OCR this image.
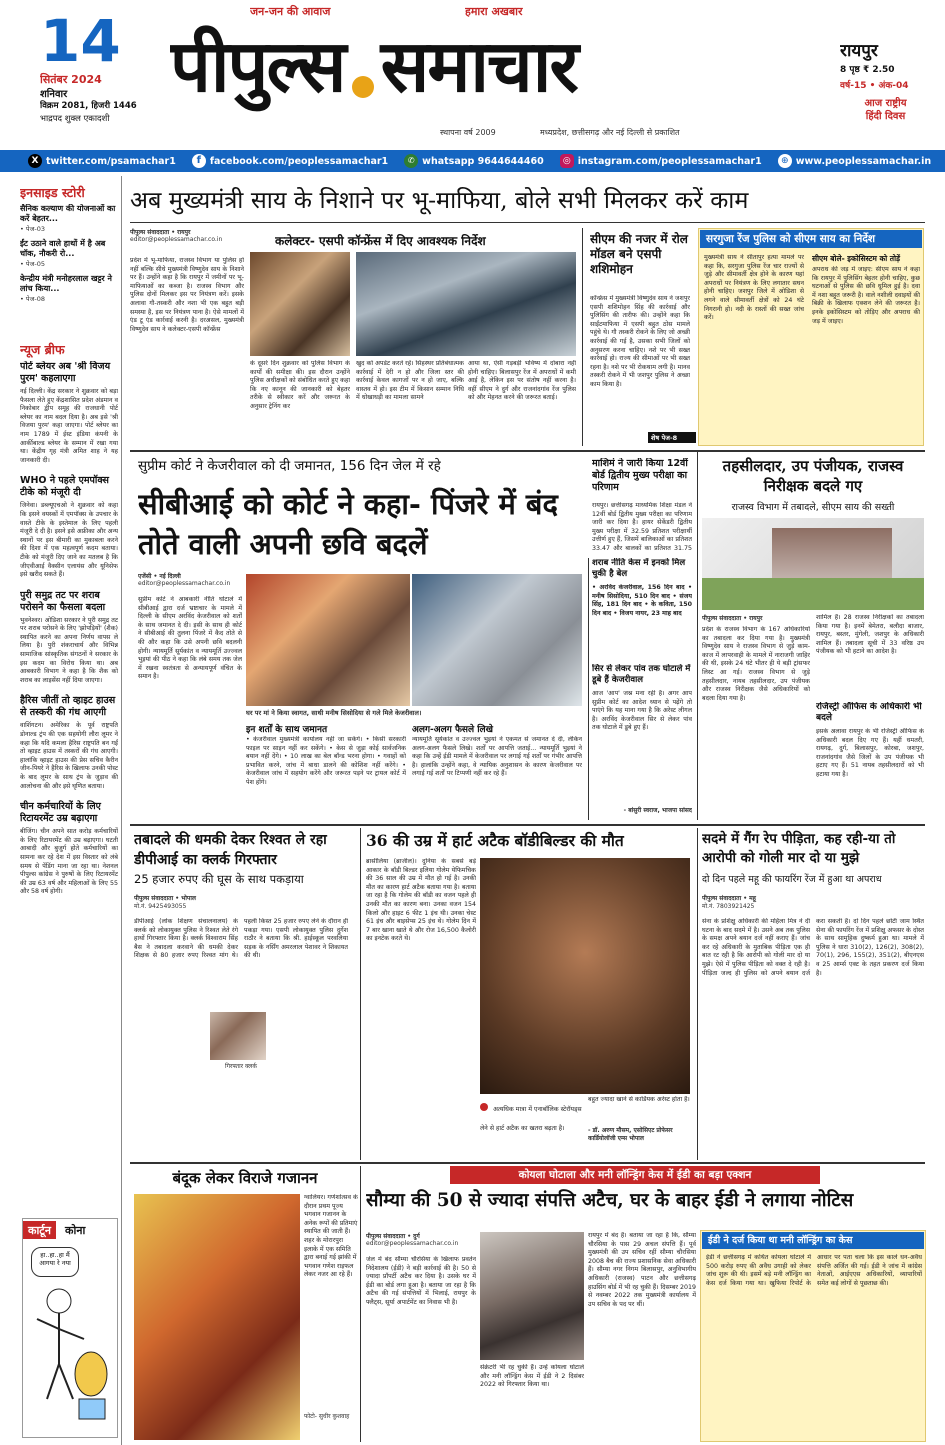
14
सितंबर 2024
शनिवार
विक्रम 2081, हिजरी 1446
भाद्रपद शुक्ल एकादशी
जन-जन की आवाज	हमारा अखबार
पीपुल्स समाचार
स्थापना वर्ष 2009	मध्यप्रदेश, छत्तीसगढ़ और नई दिल्ली से प्रकाशित
रायपुर
8 पृष्ठ ₹ 2.50
वर्ष-15 • अंक-04
आज राष्ट्रीय हिंदी दिवस
X twitter.com/psamachar1	f facebook.com/peoplessamachar1	✆ whatsapp 9644644460	◎ instagram.com/peoplessamachar1	⊕ www.peoplessamachar.in
इनसाइड स्टोरी
सैनिक कल्याण की योजनाओं का करें बेहतर...
• पेज-03
ईंट उठाने वाले हाथों में है अब चॉक, नौकरी रो...
• पेज-05
केन्द्रीय मंत्री मनोहरलाल खट्टर ने लांच किया...
• पेज-08
न्यूज ब्रीफ
पोर्ट ब्लेयर अब 'श्री विजय पुरम' कहलाएगा
नई दिल्ली। केंद्र सरकार ने शुक्रवार को बड़ा फैसला लेते हुए केंद्रशासित प्रदेश अंडमान व निकोबार द्वीप समूह की राजधानी पोर्ट ब्लेयर का नाम बदल दिया है। अब इसे 'श्री विजया पुरम' कहा जाएगा। पोर्ट ब्लेयर का नाम 1789 में ईस्ट इंडिया कंपनी के आर्कीबाल्ड ब्लेयर के सम्मान में रखा गया था। केंद्रीय गृह मंत्री अमित शाह ने यह जानकारी दी।
WHO ने पहले एमपॉक्स टीके को मंजूरी दी
जिनेवा। डब्ल्यूएचओ ने शुक्रवार को कहा कि इसने वयस्कों में एमपॉक्स के उपचार के वास्ते टीके के इस्तेमाल के लिए पहली मंजूरी दे दी है। इसने इसे अफ्रीका और अन्य स्थानों पर इस बीमारी का मुकाबला करने की दिशा में एक महत्वपूर्ण कदम बताया। टीके को मंजूरी दिए जाने का मतलब है कि जीएवीआई वैक्सीन एलायंस और यूनिसेफ इसे खरीद सकते हैं।
पुरी समुद्र तट पर शराब परोसने का फैसला बदला
भुवनेश्वर। ओडिशा सरकार ने पुरी समुद्र तट पर शराब परोसने के लिए 'झोपड़ियों' (शैक) स्थापित करने का अपना निर्णय वापस ले लिया है। पुरी शंकराचार्य और विभिन्न सामाजिक सांस्कृतिक संगठनों ने सरकार के इस कदम का विरोध किया था। अब आबकारी विभाग ने कहा है कि शैक को शराब का लाइसेंस नहीं दिया जाएगा।
हैरिस जीतीं तो व्हाइट हाउस से तस्करी की गंध आएगी
वाशिंगटन। अमेरिका के पूर्व राष्ट्रपति डोनाल्ड ट्रंप की एक सहयोगी लौरा लूमर ने कहा कि यदि कमला हैरिस राष्ट्रपति बन गईं तो व्हाइट हाउस में तस्करों की गंध आएगी। हालांकि व्हाइट हाउस की प्रेस सचिव कैरीन जीन-पियरे ने हैरिस के खिलाफ उनकी पोस्ट के बाद लूमर के साथ ट्रंप के जुड़ाव की आलोचना की और इसे घृणित बताया।
चीन कर्मचारियों के लिए रिटायरमेंट उम्र बढ़ाएगा
बीजिंग। चीन अपने सात करोड़ कर्मचारियों के लिए रिटायरमेंट की उम्र बढ़ाएगा। घटती आबादी और बुजुर्ग होते कर्मचारियों का सामना कर रहे देश में इस विस्तार को लंबे समय से पेंडिंग माना जा रहा था। नेशनल पीपुल्स कांग्रेस ने पुरुषों के लिए रिटायरमेंट की उम्र 63 वर्ष और महिलाओं के लिए 55 और 58 वर्ष होगी।
कार्टून कोना
हा..हा..हा मैं आगया रे नया
अब मुख्यमंत्री साय के निशाने पर भू-माफिया, बोले सभी मिलकर करें काम
पीपुल्स संवाददाता • रायपुर
editor@peoplessamachar.co.in	कलेक्टर- एसपी कॉन्फ्रेंस में दिए आवश्यक निर्देश
प्रदेश में भू-माफिया, राजस्व विभाग या पुलिस हो नहीं बल्कि सीधे मुख्यमंत्री विष्णुदेव साय के निशाने पर हैं। उन्होंने कहा है कि रायपुर में जमीनों पर भू-माफियाओं का कब्जा है। राजस्व विभाग और पुलिस दोनों मिलकर इस पर नियंत्रण करें। इसके अलावा गौ-तस्करी और नशा भी एक बहुत बड़ी समस्या है, इस पर नियंत्रण पाना है। ऐसे मामलों में एंड टू एंड कार्रवाई करनी है। दरअसल, मुख्यमंत्री विष्णुदेव साय ने कलेक्टर-एसपी कॉन्फ्रेंस
के दूसरे दिन शुक्रवार को पुलिस विभाग के कार्यों की समीक्षा की। इस दौरान उन्होंने पुलिस अधीक्षकों को संबोधित करते हुए कहा कि नए कानून की जानकारी को बेहतर तरीके से स्वीकार करें और जरूरत के अनुसार ट्रेनिंग कर
खुद को अपडेट करते रहें। सिंहस्थर प्रतिबंधात्मक कार्रवाई में देरी न हो और जिला स्तर की कार्रवाई केवल कागजों पर न हो जाए, बल्कि वास्तव में हो। इस टीम में किसान सम्मान निधि में धोखाधड़ी का मामला सामने
आया था, ऐसी गड़बड़ी भविष्य में दोबारा नहीं होनी चाहिए। बिलासपुर रेंज में अपराधों में कमी आई है, लेकिन इस पर संतोष नहीं करना है। वहीं सीएम ने दुर्ग और राजनांदगांव रेंज पुलिस को और मेहनत करने की जरूरत बताई।
सीएम की नजर में रोल मॉडल बने एसपी शशिमोहन
कॉन्फ्रेंस में मुख्यमंत्री विष्णुदेव साय ने जशपुर एसपी शशिमोहन सिंह की कार्रवाई और पुलिसिंग की तारीफ की। उन्होंने कहा कि साईंटमाफिया में एसपी बहुत ठोस मामले पहुंचे थे। गौ तस्करी रोकने के लिए जो अच्छी कार्रवाई की गई है, उसका सभी जिलों को अनुसरण करना चाहिए। नशे पर भी सख्त कार्रवाई हो। राज्य की सीमाओं पर भी सख्त रहना है। नशे पर भी रोकथाम लगी है। मानव तस्करी रोकने में भी जशपुर पुलिस ने अच्छा काम किया है।
शेष पेज-8
सरगुजा रेंज पुलिस को सीएम साय का निर्देश
मुख्यमंत्री साय ने सीतापुर हत्या मामले पर कहा कि, सरगुजा पुलिस रेंज चार राज्यों से जुड़े और सीमावर्ती क्षेत्र होने के कारण यहां अपराधों पर नियंत्रण के लिए लगातार सघन होनी चाहिए। जशपुर जिले में ओडिशा से लगने वाले सीमावर्ती क्षेत्रों को 24 घंटे निगरानी हो। नदी के रास्तों की सख्त जांच करें।
सीएम बोले- इकोसिस्टम को तोड़ें
अपराध की जड़ में जाइए: सीएम साय ने कहा कि रायपुर में पुलिसिंग बेहतर होनी चाहिए, कुछ घटनाओं से पुलिस की छवि धूमिल हुई है। दवा में नशा बहुत जरूरी है। वाले नशीली दवाइयों की बिक्री के खिलाफ एक्शन लेने की जरूरत है। इनके इकोसिस्टम को तोड़िए और अपराध की जड़ में जाइए।
सुप्रीम कोर्ट ने केजरीवाल को दी जमानत, 156 दिन जेल में रहे
सीबीआई को कोर्ट ने कहा- पिंजरे में बंद तोते वाली अपनी छवि बदलें
एजेंसी • नई दिल्ली
editor@peoplessamachar.co.in
सुप्रीम कोर्ट ने आबकारी नीति घोटाले में सीबीआई द्वारा दर्ज भ्रष्टाचार के मामले में दिल्ली के सीएम अरविंद केजरीवाल को शर्तों के साथ जमानत दे दी। इसी के साथ ही कोर्ट ने सीबीआई की तुलना पिंजरे में कैद तोते से की और कहा कि उसे अपनी छवि बदलनी होगी। न्यायमूर्ति सूर्यकांत व न्यायमूर्ति उज्ज्वल भुइयां की पीठ ने कहा कि लंबे समय तक जेल में रखना स्वतंत्रता से अन्यायपूर्ण वंचित के समान है।
घर पर मां ने किया स्वागत, साथी मनीष सिसोदिया से गले मिले केजरीवाल।
इन शर्तों के साथ जमानत
• केजरीवाल मुख्यमंत्री कार्यालय नहीं जा सकेंगे। • किसी सरकारी फाइल पर साइन नहीं कर सकेंगे। • केस से जुड़ा कोई सार्वजनिक बयान नहीं देंगे। • 10 लाख का बेल बॉन्ड भरना होगा। • गवाहों को प्रभावित करने, जांच में बाधा डालने की कोशिश नहीं करेंगे। • केजरीवाल जांच में सहयोग करेंगे और जरूरत पड़ने पर ट्रायल कोर्ट में पेश होंगे।
अलग-अलग फैसले लिखे
न्यायमूर्ति सूर्यकांत व उज्ज्वल भुइयां ने एकमत से जमानत दे दी, लेकिन अलग-अलग फैसले लिखे। शर्तों पर आपत्ति जताई... न्यायमूर्ति भुइयां ने कहा कि उन्हें ईडी मामले में केजरीवाल पर लगाई गई शर्तों पर गंभीर आपत्ति है। हालांकि उन्होंने कहा, वे न्यायिक अनुशासन के कारण केजरीवाल पर लगाई गई शर्तों पर टिप्पणी नहीं कर रहे हैं।
शराब नीति केस में इनको मिल चुकी है बेल
• अरविंद केजरीवाल, 156 दिन बाद • मनीष सिसोदिया, 510 दिन बाद • संजय सिंह, 181 दिन बाद • के कविता, 150 दिन बाद • विजय नायर, 23 माह बाद
सिर से लेकर पांव तक घोटाले में डूबे हैं केजरीवाल
आज 'आप' जश्न मना रही है। अगर आप सुप्रीम कोर्ट का आदेश ध्यान से पढ़ेंगे तो पाएंगे कि यह माना गया है कि अरेस्ट लीगल है। अरविंद केजरीवाल सिर से लेकर पांव तक घोटाले में डूबे हुए हैं।
- बांसुरी स्वराज, भाजपा सांसद
माशिमं ने जारी किया 12वीं बोर्ड द्वितीय मुख्य परीक्षा का परिणाम
रायपुर। छत्तीसगढ़ माध्यमिक शिक्षा मंडल ने 12वीं बोर्ड द्वितीय मुख्य परीक्षा का परिणाम जारी कर दिया है। हायर सेकेंडरी द्वितीय मुख्य परीक्षा में 32.59 प्रतिशत परीक्षार्थी उत्तीर्ण हुए हैं, जिसमें बालिकाओं का प्रतिशत 33.47 और बालकों का प्रतिशत 31.75
तहसीलदार, उप पंजीयक, राजस्व निरीक्षक बदले गए
राजस्व विभाग में तबादले, सीएम साय की सख्ती
पीपुल्स संवाददाता • रायपुर
प्रदेश के राजस्व विभाग के 167 अधिकारियों का तबादला कर दिया गया है। मुख्यमंत्री विष्णुदेव साय ने राजस्व विभाग से जुड़े काम-काज में लापरवाही के मामले में नाराजगी जाहिर की थी, इसके 24 घंटे भीतर ही ये बड़ी ट्रांसफर लिस्ट आ गई। राजस्व विभाग से जुड़े तहसीलदार, नायब तहसीलदार, उप पंजीयक और राजस्व निरीक्षक जैसे अधिकारियों को बदला दिया गया है।
शामिल हैं। 28 राजस्व निरीक्षकों का तबादला किया गया है। इनमें बेमेतरा, बलौदा बाजार, रायपुर, बस्तर, मुंगेली, जशपुर के अधिकारी शामिल हैं। तबादला सूची में 33 वरिष्ठ उप पंजीयक को भी हटाने का आदेश है।
रजिस्ट्री ऑफिस के अधिकारी भी बदले
इसके अलावा रायपुर के भी रजिस्ट्री ऑफिस के अधिकारी बदल दिए गए हैं। यहीं धमतरी, रायगढ़, दुर्ग, बिलासपुर, कोरबा, जशपुर, राजनांदगांव जैसे जिलों के उप पंजीयक भी हटाए गए हैं। 51 नायब तहसीलदारों को भी हटाया गया है।
तबादले की धमकी देकर रिश्वत ले रहा डीपीआई का क्लर्क गिरफ्तार
25 हजार रुपए की घूस के साथ पकड़ाया
पीपुल्स संवाददाता • भोपाल
मो.नं. 9425493055
डीपीआई (लोक शिक्षण संचालनालय) के क्लर्क को लोकायुक्त पुलिस ने रिश्वत लेते रंगे हाथों गिरफ्तार किया है। क्लर्क विश्वाराम सिंह बैस ने तबादला करवाने की धमकी देकर शिक्षक से 80 हजार रुपए रिश्वत मांग थे। पहली किस्त 25 हजार रुपए लेने के दौरान ही पकड़ा गया। एसपी लोकायुक्त पुलिस दुर्गेश राठौर ने बताया कि श्री. हाईस्कूल परवलिया सड़क के नर्सिंग अमरलाल पेशावर ने शिकायत की थी।
गिरफ्तार क्लर्क
36 की उम्र में हार्ट अटैक बॉडीबिल्डर की मौत
ब्रासीलिया (ब्राजील)। दुनिया के सबसे बड़े आकार के बॉडी बिल्डर इलिया गोलेम येफिमचिक की 36 साल की उम्र में मौत हो गई है। उनकी मौत का कारण हार्ट अटैक बताया गया है। बताया जा रहा है कि गोलेम की बॉडी का वजन पहले ही उनकी मौत का कारण बना। उनका वजन 154 किलो और हाइट 6 फीट 1 इंच थी। उनका चेस्ट 61 इंच और बाइसेप्स 25 इंच थे। गोलेम दिन में 7 बार खाना खाते थे और रोज 16,500 कैलोरी का इनटेक करते थे।
अत्यधिक मात्रा में एनाबॉलिक स्टेरॉयड्स लेने से हार्ट अटैक का खतरा बढ़ता है।
बहुत ज्यादा खाने से कार्डियक अरेस्ट होता है।
- डॉ. अरुण मौसम, एसोसिएट प्रोफेसर कार्डियोलॉजी एम्स भोपाल
सदमे में गैंग रेप पीड़िता, कह रही-या तो आरोपी को गोली मार दो या मुझे
दो दिन पहले महू की फायरिंग रेंज में हुआ था अपराध
पीपुल्स संवाददाता • महू
मो.नं. 7803921425
सेना के प्रशिक्षु अधिकारी की महिला मित्र ने दी घटना के बाद सदमे में है। उसने अब तक पुलिस के समक्ष अपने बयान दर्ज नहीं कराए हैं। जांच कर रहे अधिकारी के मुताबिक पीड़िता एक ही बात रट रही है कि आरोपी को गोली मार दो या मुझे। ऐसे में पुलिस पीड़िता को वक्त दे रही है। पीड़िता जल्द ही पुलिस को अपने बयान दर्ज करा सकती है। दो दिन पहले छोटी जाम स्थित सेना की फायरिंग रेंज में प्रशिक्षु अफसर के दोस्त के साथ सामूहिक दुष्कर्म हुआ था। मामले में पुलिस ने धारा 310(2), 126(2), 308(2), 70(1), 296, 155(2), 351(2), बीएनएस व 25 आर्म्स एक्ट के तहत प्रकरण दर्ज किया है।
बंदूक लेकर विराजे गजानन
ग्वालियर। गणेशोत्सव के दौरान प्रथम पूज्य भगवान गजानन के अनेक रूपों की प्रतिमाएं स्थापित की जाती हैं। शहर के मोरारपुरा इलाके में एक समिति द्वारा बनाई गई झांकी में भगवान गणेश राइफल लेकर नजर आ रहे हैं।
फोटो- सुधीर कुशवाह
कोयला घोटाला और मनी लॉन्ड्रिंग केस में ईडी का बड़ा एक्शन
सौम्या की 50 से ज्यादा संपत्ति अटैच, घर के बाहर ईडी ने लगाया नोटिस
पीपुल्स संवाददाता • दुर्ग
editor@peoplessamachar.co.in
जेल में बंद सौम्या चौरसिया के खिलाफ प्रवर्तन निदेशालय (ईडी) ने बड़ी कार्रवाई की है। 50 से ज्यादा प्रॉपर्टी अटैच कर दिया है। उसके घर में ईडी का बोर्ड लगा हुआ है। बताया जा रहा है कि अटैच की गई संपत्तियों में भिलाई, रायपुर के फ्लैट्स, सूर्या अपार्टमेंट का निवास भी है।
सेक्रेटरी भी रह चुकी हैं। उन्हें कोयला घोटाले और मनी लॉन्ड्रिंग केस में ईडी ने 2 दिसंबर 2022 को गिरफ्तार किया था।
रायपुर में बंद है। बताया जा रहा है कि, सौम्या चौरसिया के पास 29 अचल संपत्ति हैं। पूर्व मुख्यमंत्री की उप सचिव रहीं सौम्या चौरसिया 2008 बैच की राज्य प्रशासनिक सेवा अधिकारी हैं। सौम्या नगर निगम बिलासपुर, अनुविभागीय अधिकारी (राजस्व) पाटन और छत्तीसगढ़ हाउसिंग बोर्ड में भी रह चुकी हैं। दिसम्बर 2019 से नवम्बर 2022 तक मुख्यमंत्री कार्यालय में उप सचिव के पद पर थीं।
ईडी ने दर्ज किया था मनी लॉन्ड्रिंग का केस
ईडी ने छत्तीसगढ़ में कथित कोयला घोटाले में 500 करोड़ रुपए की अवैध उगाही को लेकर जांच शुरू की थी। इसमें बड़े मनी लॉन्ड्रिंग का केस दर्ज किया गया था। खुफिया रिपोर्ट के आधार पर पता चला कि इस काले धन-अवैध संपत्ति अर्जित की गई। ईडी ने जांच में कांग्रेस नेताओं, आईएएस अधिकारियों, व्यापारियों समेत कई लोगों से पूछताछ की।
